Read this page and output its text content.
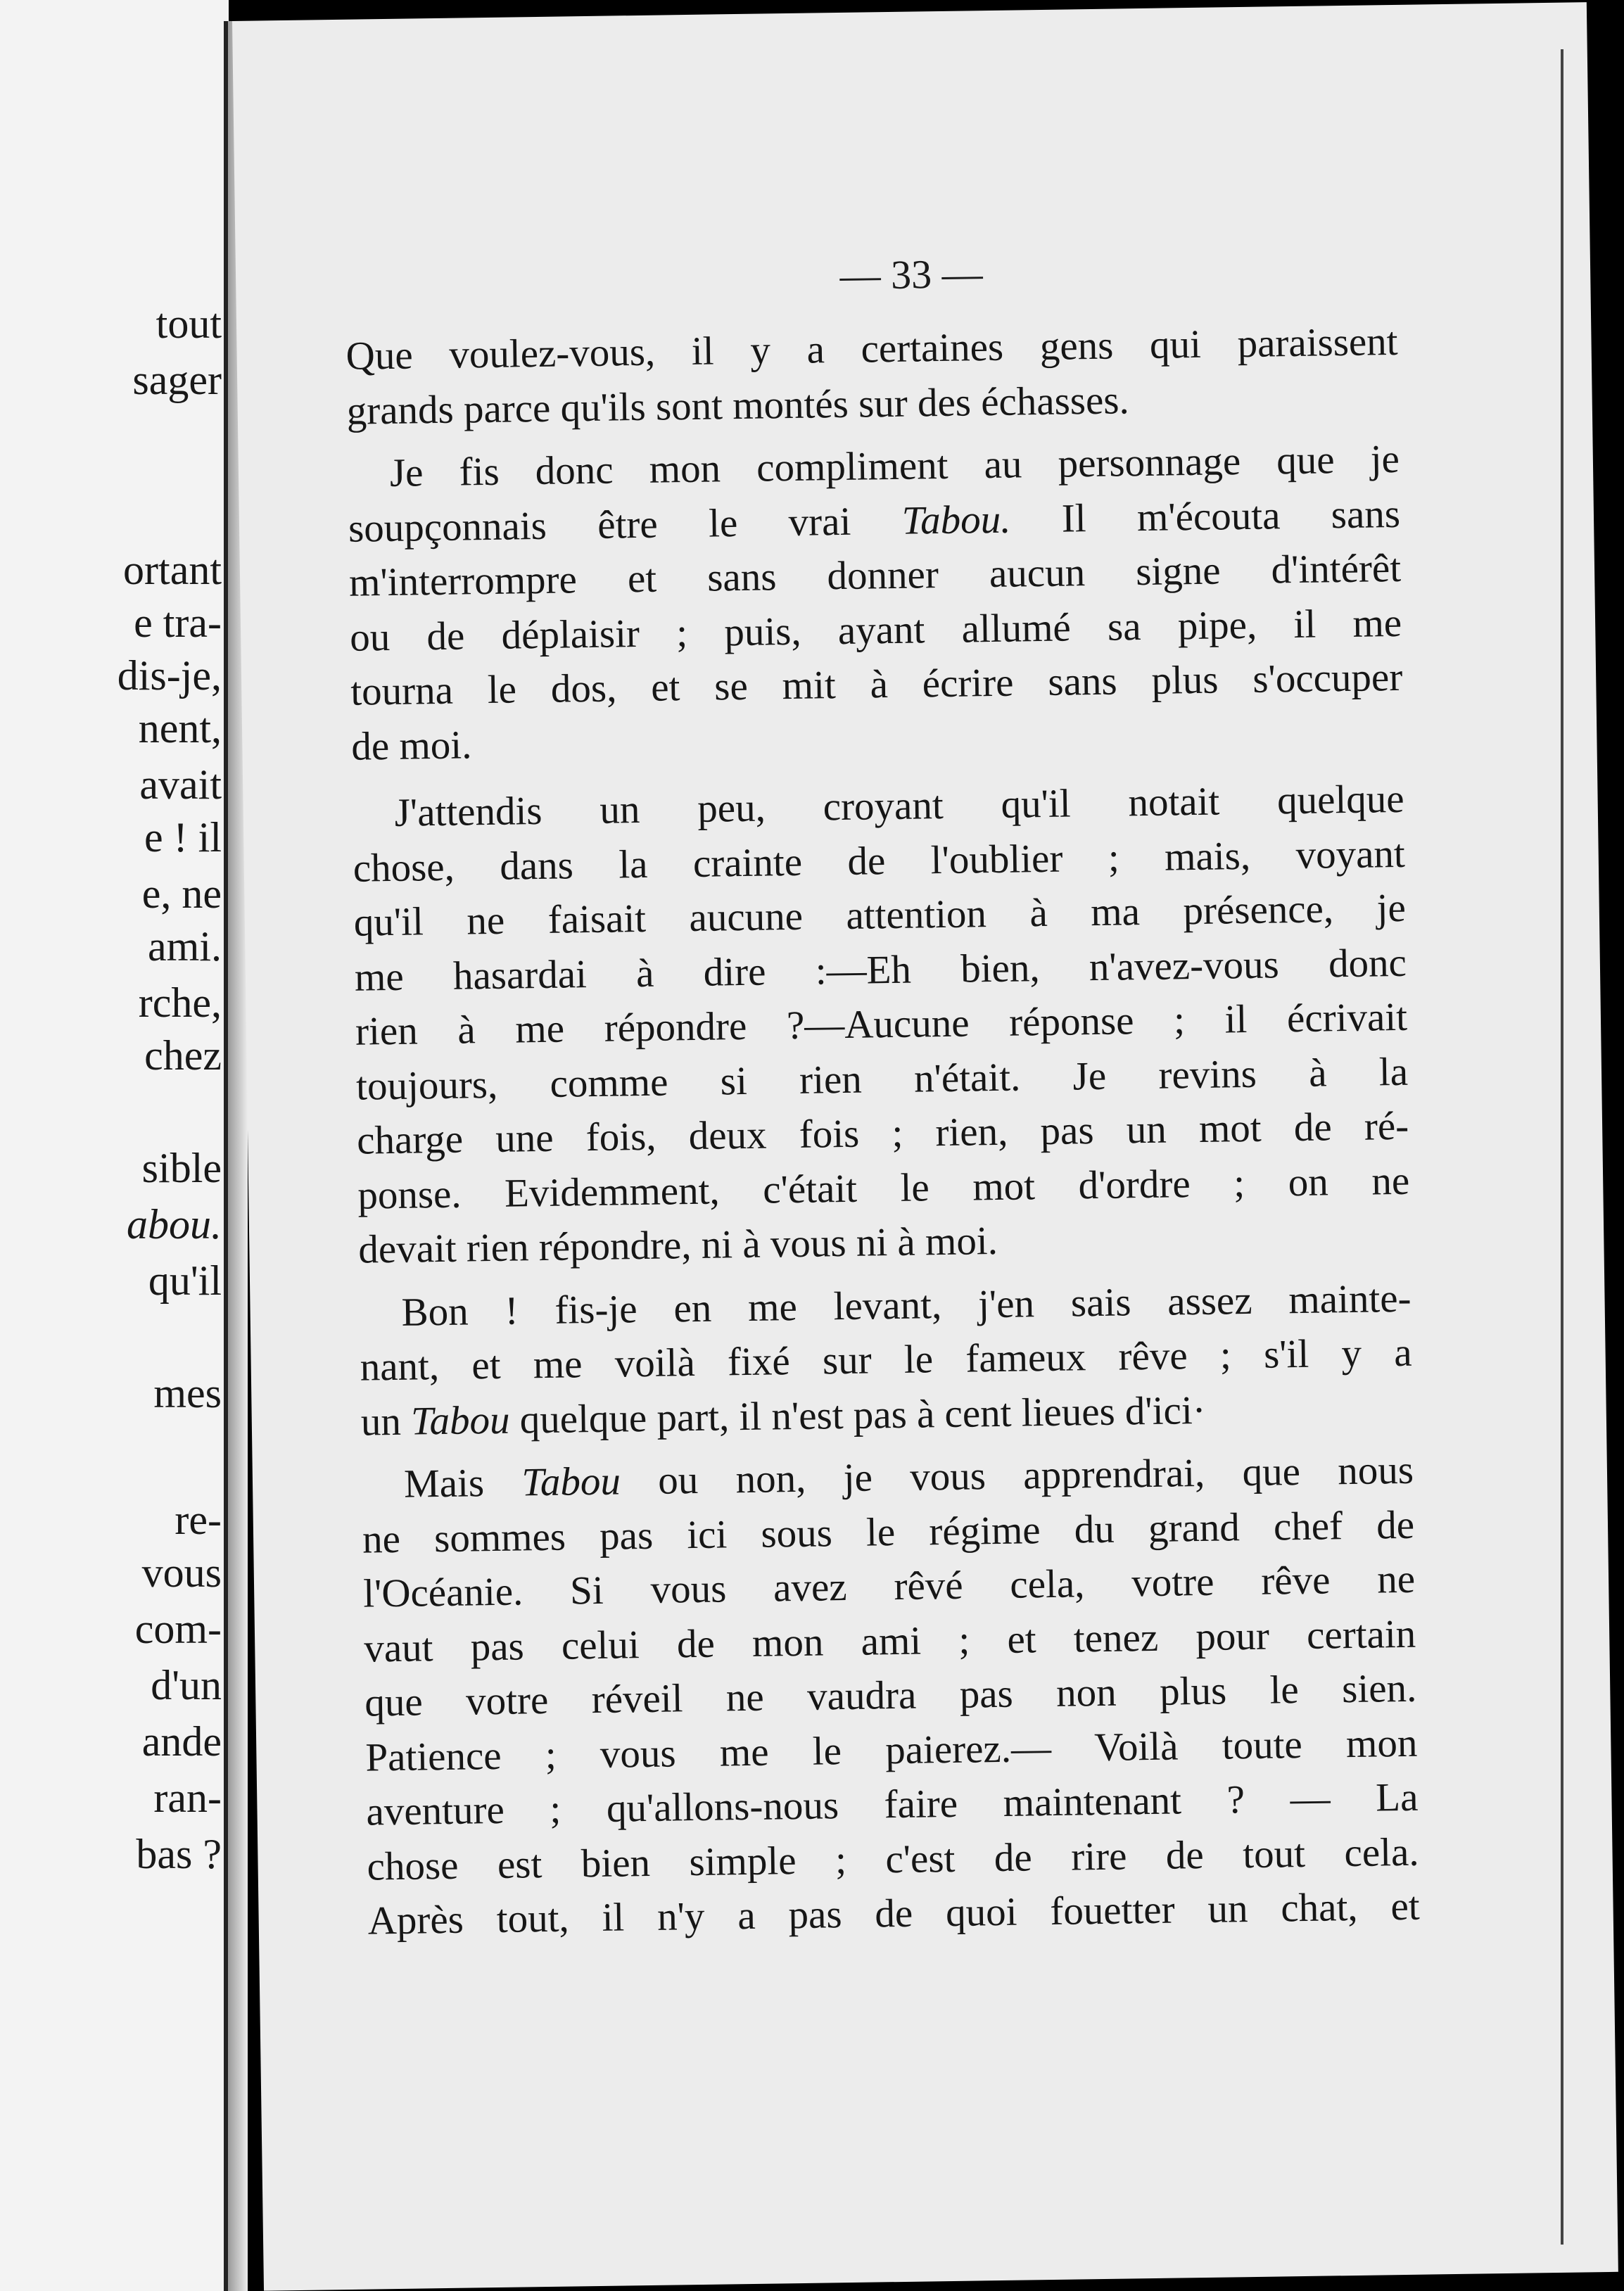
tout
sager
ortant
e tra-
dis-je,
nent,
avait
e ! il
e, ne
ami.
rche,
chez
sible
abou.
qu'il
mes
re-
vous
com-
d'un
ande
ran-
bas ?
— 33 —
Que voulez-vous, il y a certaines gens qui paraissent
grands parce qu'ils sont montés sur des échasses.
Je fis donc mon compliment au personnage que je
soupçonnais être le vrai Tabou. Il m'écouta sans
m'interrompre et sans donner aucun signe d'intérêt
ou de déplaisir ; puis, ayant allumé sa pipe, il me
tourna le dos, et se mit à écrire sans plus s'occuper
de moi.
J'attendis un peu, croyant qu'il notait quelque
chose, dans la crainte de l'oublier ; mais, voyant
qu'il ne faisait aucune attention à ma présence, je
me hasardai à dire :—Eh bien, n'avez-vous donc
rien à me répondre ?—Aucune réponse ; il écrivait
toujours, comme si rien n'était. Je revins à la
charge une fois, deux fois ; rien, pas un mot de ré-
ponse. Evidemment, c'était le mot d'ordre ; on ne
devait rien répondre, ni à vous ni à moi.
Bon ! fis-je en me levant, j'en sais assez mainte-
nant, et me voilà fixé sur le fameux rêve ; s'il y a
un Tabou quelque part, il n'est pas à cent lieues d'ici·
Mais Tabou ou non, je vous apprendrai, que nous
ne sommes pas ici sous le régime du grand chef de
l'Océanie. Si vous avez rêvé cela, votre rêve ne
vaut pas celui de mon ami ; et tenez pour certain
que votre réveil ne vaudra pas non plus le sien.
Patience ; vous me le paierez.— Voilà toute mon
aventure ; qu'allons-nous faire maintenant ? — La
chose est bien simple ; c'est de rire de tout cela.
Après tout, il n'y a pas de quoi fouetter un chat, et
